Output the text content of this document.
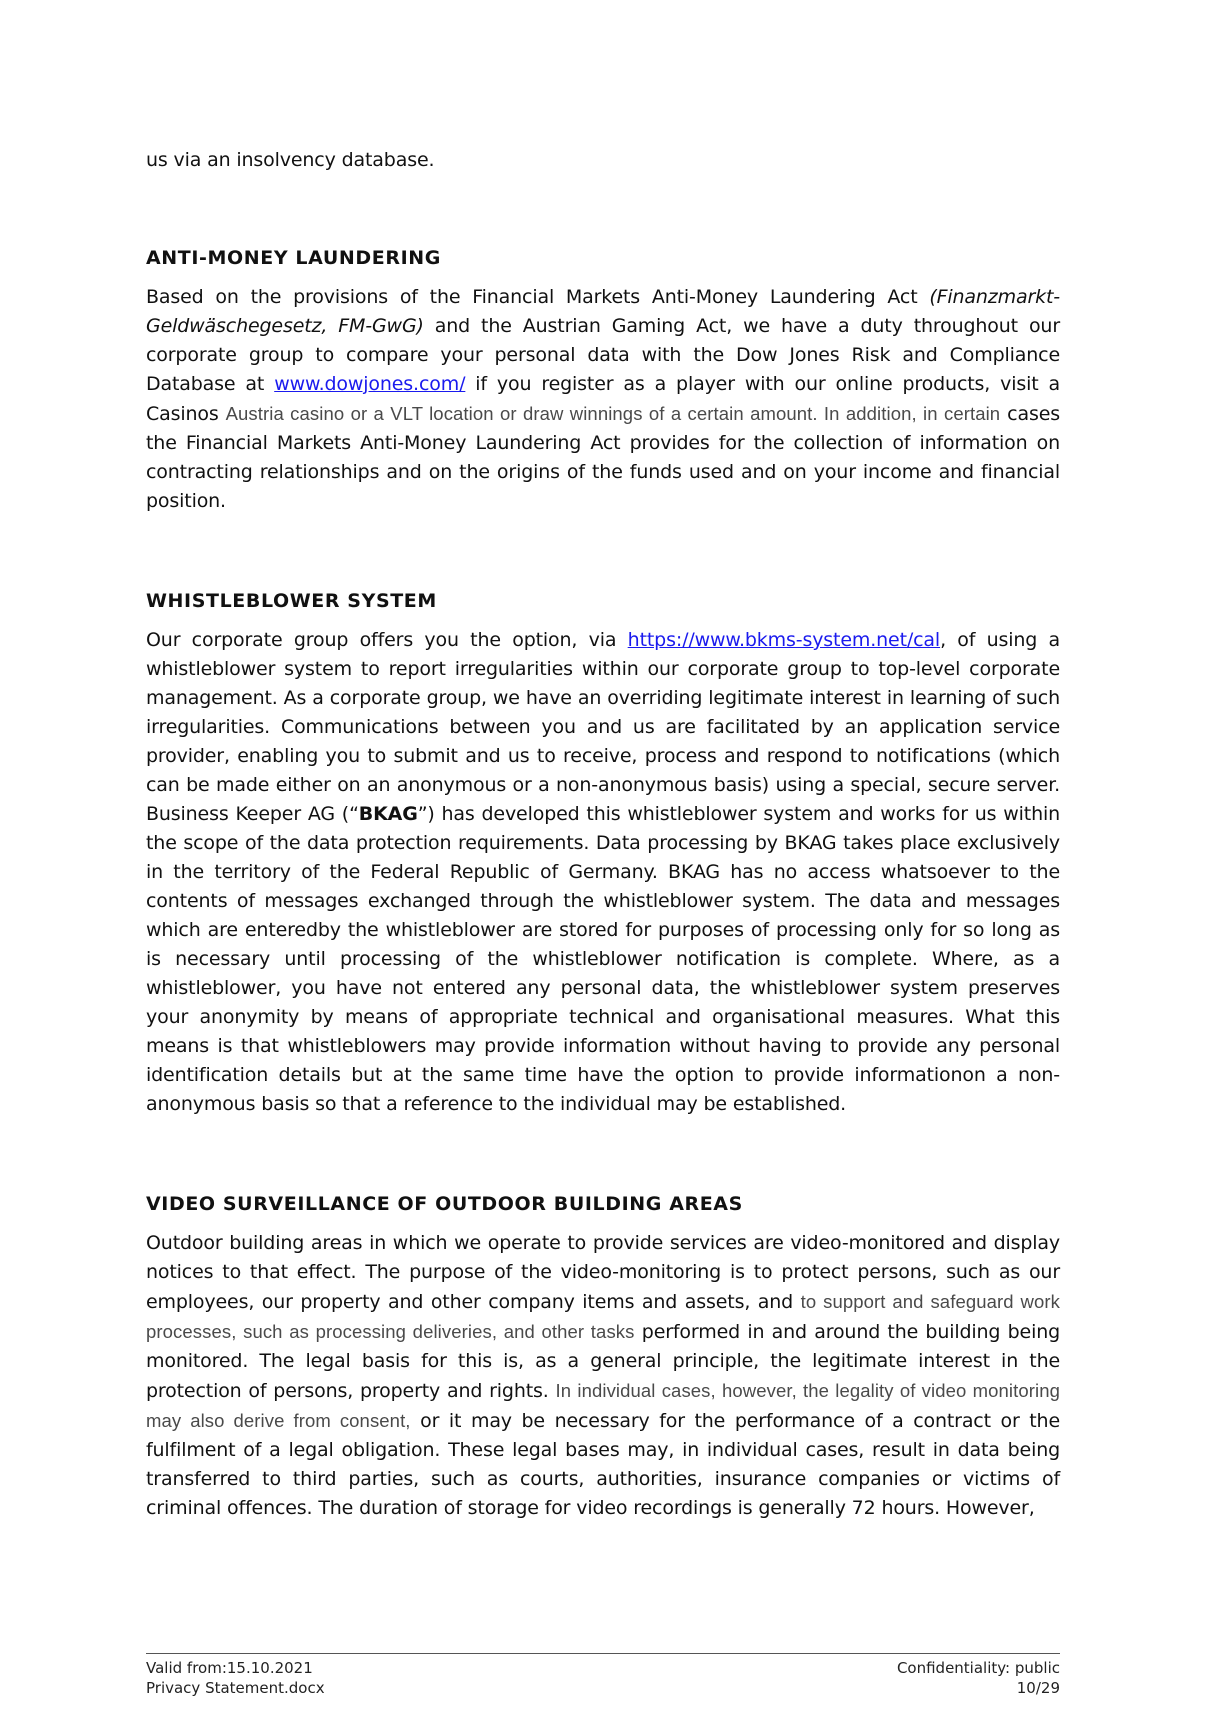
us via an insolvency database.

ANTI-MONEY LAUNDERING

Based on the provisions of the Financial Markets Anti-Money Laundering Act (Finanzmarkt-Geldwäschegesetz, FM-GwG) and the Austrian Gaming Act, we have a duty throughout our corporate group to compare your personal data with the Dow Jones Risk and Compliance Database at www.dowjones.com/ if you register as a player with our online products, visit a Casinos Austria casino or a VLT location or draw winnings of a certain amount. In addition, in certain cases the Financial Markets Anti-Money Laundering Act provides for the collection of information on contracting relationships and on the origins of the funds used and on your income and financial position.

WHISTLEBLOWER SYSTEM

Our corporate group offers you the option, via https://www.bkms-system.net/cal, of using a whistleblower system to report irregularities within our corporate group to top-level corporate management. As a corporate group, we have an overriding legitimate interest in learning of such irregularities. Communications between you and us are facilitated by an application service provider, enabling you to submit and us to receive, process and respond to notifications (which can be made either on an anonymous or a non-anonymous basis) using a special, secure server. Business Keeper AG (“BKAG”) has developed this whistleblower system and works for us within the scope of the data protection requirements. Data processing by BKAG takes place exclusively in the territory of the Federal Republic of Germany. BKAG has no access whatsoever to the contents of messages exchanged through the whistleblower system. The data and messages which are enteredby the whistleblower are stored for purposes of processing only for so long as is necessary until processing of the whistleblower notification is complete. Where, as a whistleblower, you have not entered any personal data, the whistleblower system preserves your anonymity by means of appropriate technical and organisational measures. What this means is that whistleblowers may provide information without having to provide any personal identification details but at the same time have the option to provide informationon a non-anonymous basis so that a reference to the individual may be established.

VIDEO SURVEILLANCE OF OUTDOOR BUILDING AREAS

Outdoor building areas in which we operate to provide services are video-monitored and display notices to that effect. The purpose of the video-monitoring is to protect persons, such as our employees, our property and other company items and assets, and to support and safeguard work processes, such as processing deliveries, and other tasks performed in and around the building being monitored. The legal basis for this is, as a general principle, the legitimate interest in the protection of persons, property and rights. In individual cases, however, the legality of video monitoring may also derive from consent, or it may be necessary for the performance of a contract or the fulfilment of a legal obligation. These legal bases may, in individual cases, result in data being transferred to third parties, such as courts, authorities, insurance companies or victims of criminal offences. The duration of storage for video recordings is generally 72 hours. However,

Valid from:15.10.2021	Confidentiality: public
Privacy Statement.docx	10/29
